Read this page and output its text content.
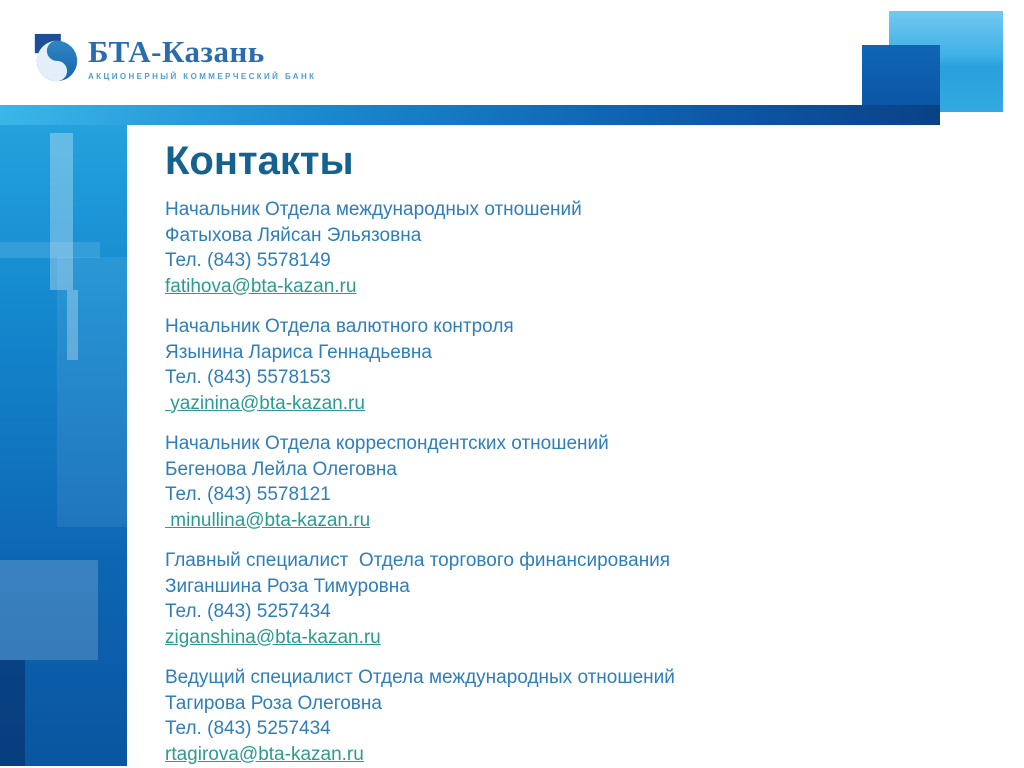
БТА-Казань
АКЦИОНЕРНЫЙ КОММЕРЧЕСКИЙ БАНК
Контакты
Начальник Отдела международных отношений
Фатыхова Ляйсан Эльязовна
Тел. (843) 5578149
fatihova@bta-kazan.ru
Начальник Отдела валютного контроля
Язынина Лариса Геннадьевна
Тел. (843) 5578153
yazinina@bta-kazan.ru
Начальник Отдела корреспондентских отношений
Бегенова Лейла Олеговна
Тел. (843) 5578121
minullina@bta-kazan.ru
Главный специалист  Отдела торгового финансирования
Зиганшина Роза Тимуровна
Тел. (843) 5257434
ziganshina@bta-kazan.ru
Ведущий специалист Отдела международных отношений
Тагирова Роза Олеговна
Тел. (843) 5257434
rtagirova@bta-kazan.ru
